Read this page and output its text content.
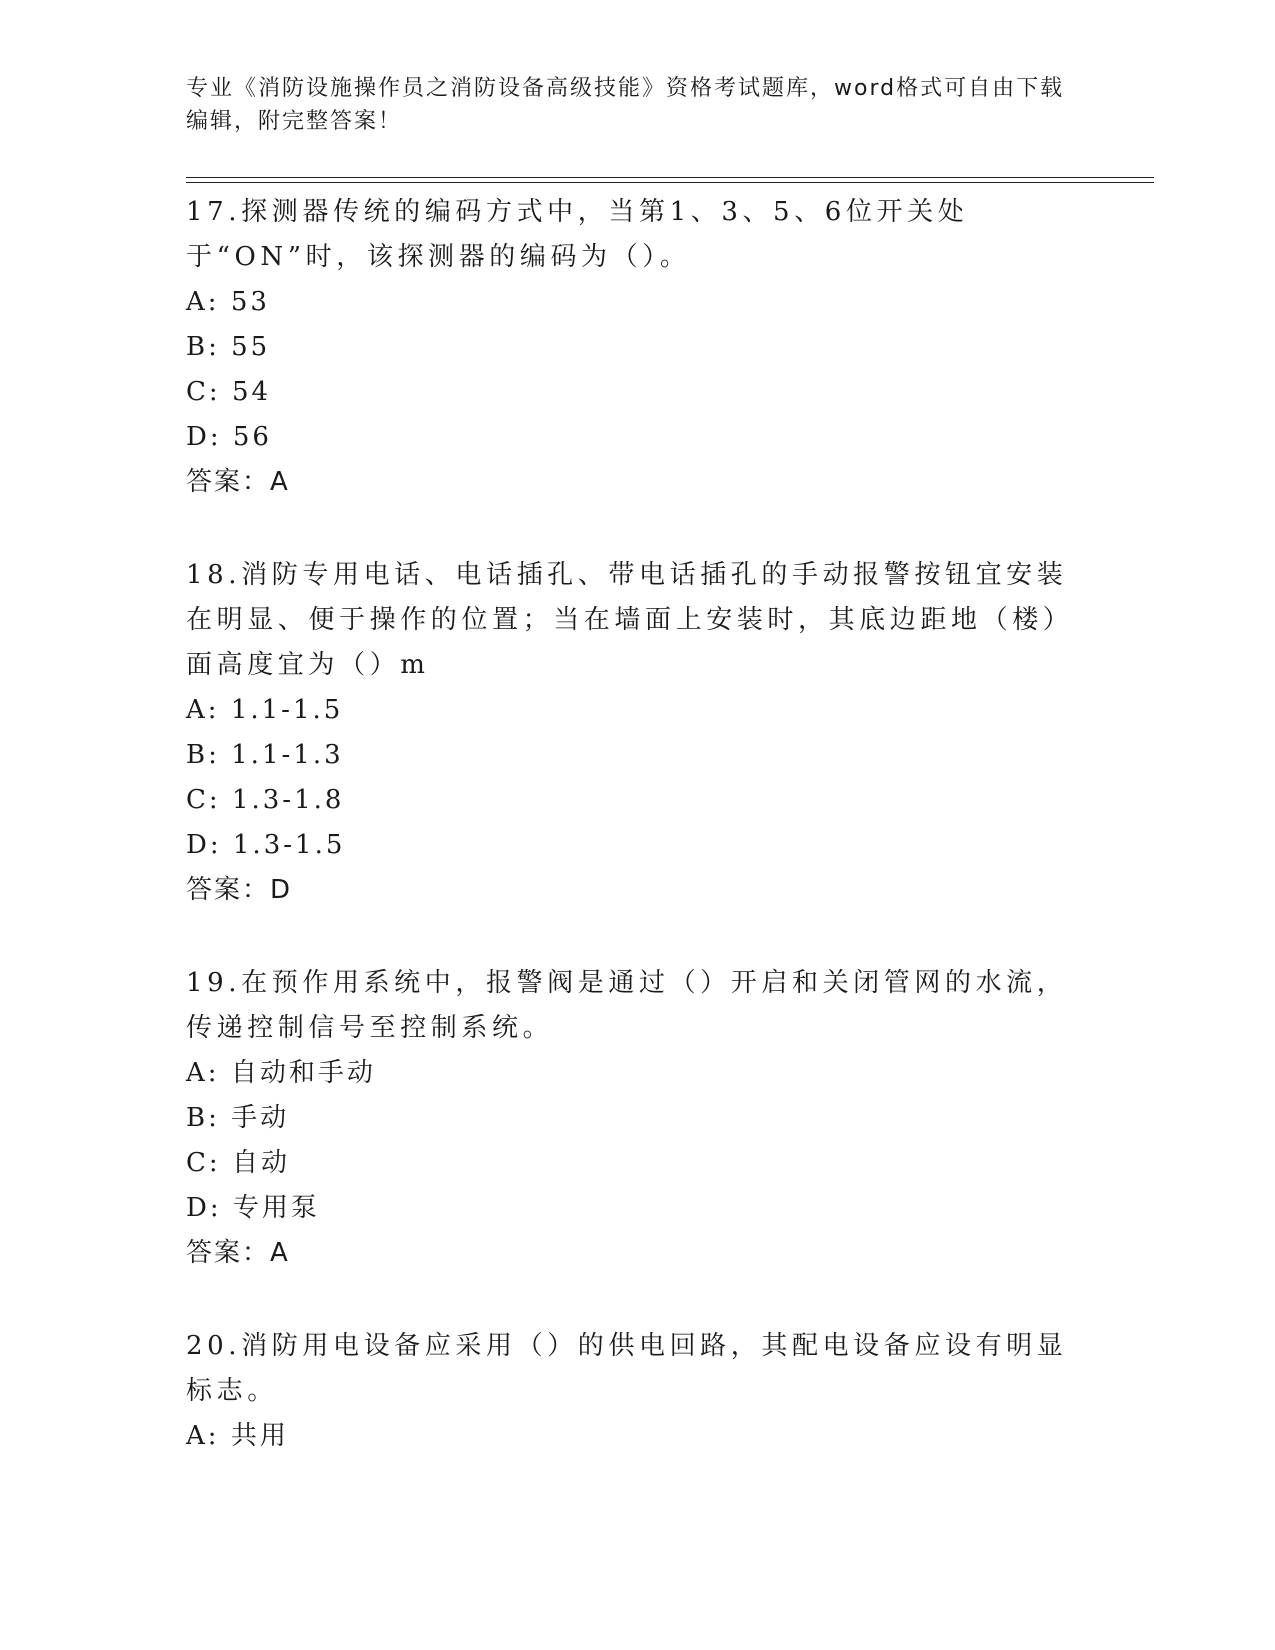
专业《消防设施操作员之消防设备高级技能》资格考试题库，word格式可自由下载编辑，附完整答案！

17 . 探测器传统的编码方式中，当第1、3、5、6位开关处于“ON”时，该探测器的编码为（）。

A : 53

B : 55

C : 54

D : 56

答案：A

18 . 消防专用电话、电话插孔、带电话插孔的手动报警按钮宜安装在明显、便于操作的位置；当在墙面上安装时，其底边距地（楼）面高度宜为（）m

A : 1.1-1.5

B : 1.1-1.3

C : 1.3-1.8

D : 1.3-1.5

答案：D

19 . 在预作用系统中，报警阀是通过（）开启和关闭管网的水流，传递控制信号至控制系统。

A : 自动和手动

B : 手动

C : 自动

D : 专用泵

答案：A

20 . 消防用电设备应采用（）的供电回路，其配电设备应设有明显标志。

A : 共用
